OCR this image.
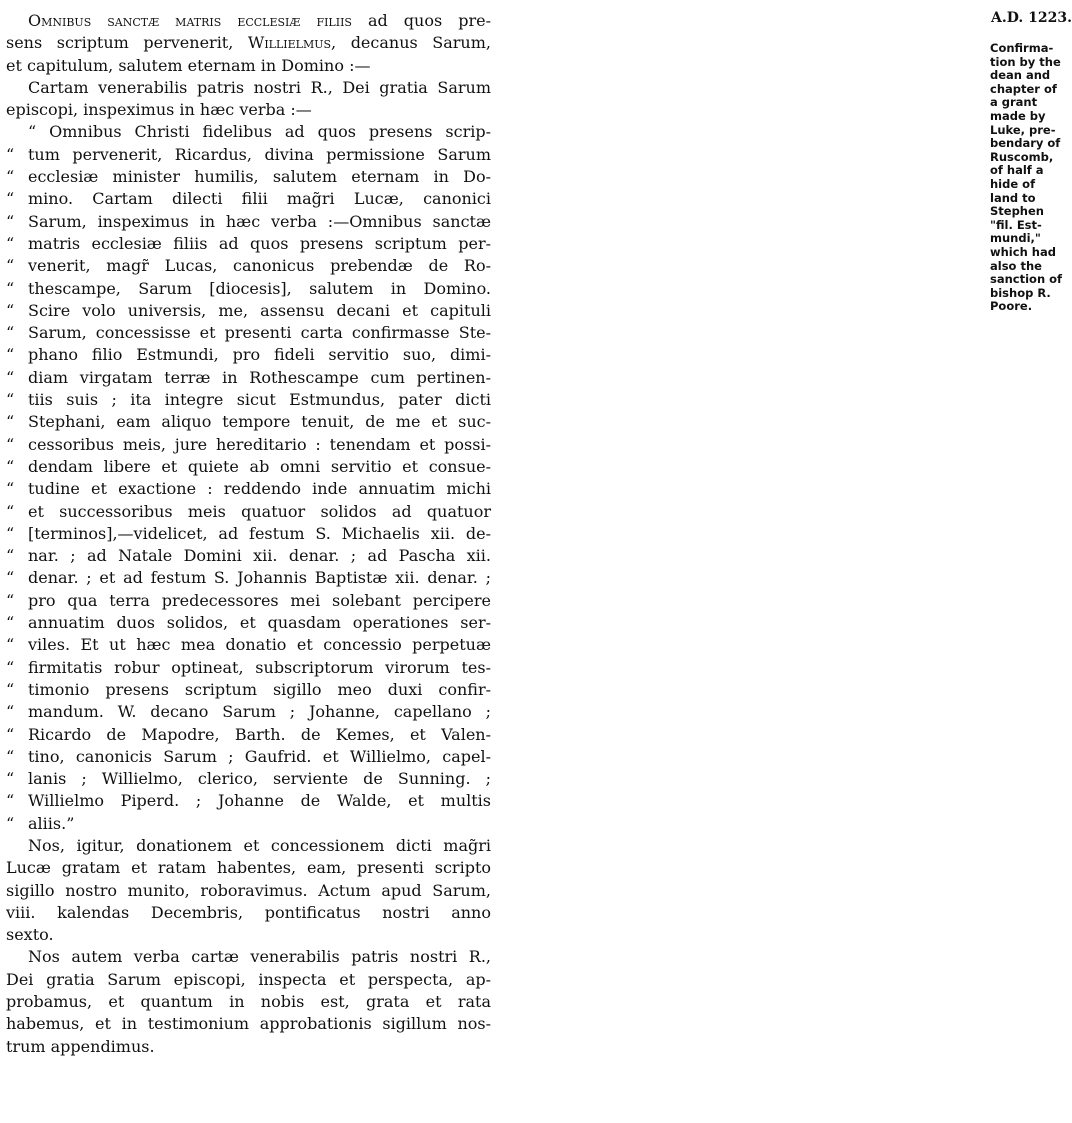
Omnibus sanctæ matris ecclesiæ filiis ad quos pre-
sens scriptum pervenerit, Willielmus, decanus Sarum,
et capitulum, salutem eternam in Domino :—
Cartam venerabilis patris nostri R., Dei gratia Sarum
episcopi, inspeximus in hæc verba :—
“ Omnibus Christi fidelibus ad quos presens scrip-
“ tum pervenerit, Ricardus, divina permissione Sarum
“ ecclesiæ minister humilis, salutem eternam in Do-
“ mino. Cartam dilecti filii mag̃ri Lucæ, canonici
“ Sarum, inspeximus in hæc verba :—Omnibus sanctæ
“ matris ecclesiæ filiis ad quos presens scriptum per-
“ venerit, magr̃ Lucas, canonicus prebendæ de Ro-
“ thescampe, Sarum [diocesis], salutem in Domino.
“ Scire volo universis, me, assensu decani et capituli
“ Sarum, concessisse et presenti carta confirmasse Ste-
“ phano filio Estmundi, pro fideli servitio suo, dimi-
“ diam virgatam terræ in Rothescampe cum pertinen-
“ tiis suis ; ita integre sicut Estmundus, pater dicti
“ Stephani, eam aliquo tempore tenuit, de me et suc-
“ cessoribus meis, jure hereditario : tenendam et possi-
“ dendam libere et quiete ab omni servitio et consue-
“ tudine et exactione : reddendo inde annuatim michi
“ et successoribus meis quatuor solidos ad quatuor
“ [terminos],—videlicet, ad festum S. Michaelis xii. de-
“ nar. ; ad Natale Domini xii. denar. ; ad Pascha xii.
“ denar. ; et ad festum S. Johannis Baptistæ xii. denar. ;
“ pro qua terra predecessores mei solebant percipere
“ annuatim duos solidos, et quasdam operationes ser-
“ viles. Et ut hæc mea donatio et concessio perpetuæ
“ firmitatis robur optineat, subscriptorum virorum tes-
“ timonio presens scriptum sigillo meo duxi confir-
“ mandum. W. decano Sarum ; Johanne, capellano ;
“ Ricardo de Mapodre, Barth. de Kemes, et Valen-
“ tino, canonicis Sarum ; Gaufrid. et Willielmo, capel-
“ lanis ; Willielmo, clerico, serviente de Sunning. ;
“ Willielmo Piperd. ; Johanne de Walde, et multis
“ aliis.”
Nos, igitur, donationem et concessionem dicti mag̃ri
Lucæ gratam et ratam habentes, eam, presenti scripto
sigillo nostro munito, roboravimus. Actum apud Sarum,
viii. kalendas Decembris, pontificatus nostri anno
sexto.
Nos autem verba cartæ venerabilis patris nostri R.,
Dei gratia Sarum episcopi, inspecta et perspecta, ap-
probamus, et quantum in nobis est, grata et rata
habemus, et in testimonium approbationis sigillum nos-
trum appendimus.
A.D. 1223.
Confirma-
tion by the
dean and
chapter of
a grant
made by
Luke, pre-
bendary of
Ruscomb,
of half a
hide of
land to
Stephen
"fil. Est-
mundi,"
which had
also the
sanction of
bishop R.
Poore.
